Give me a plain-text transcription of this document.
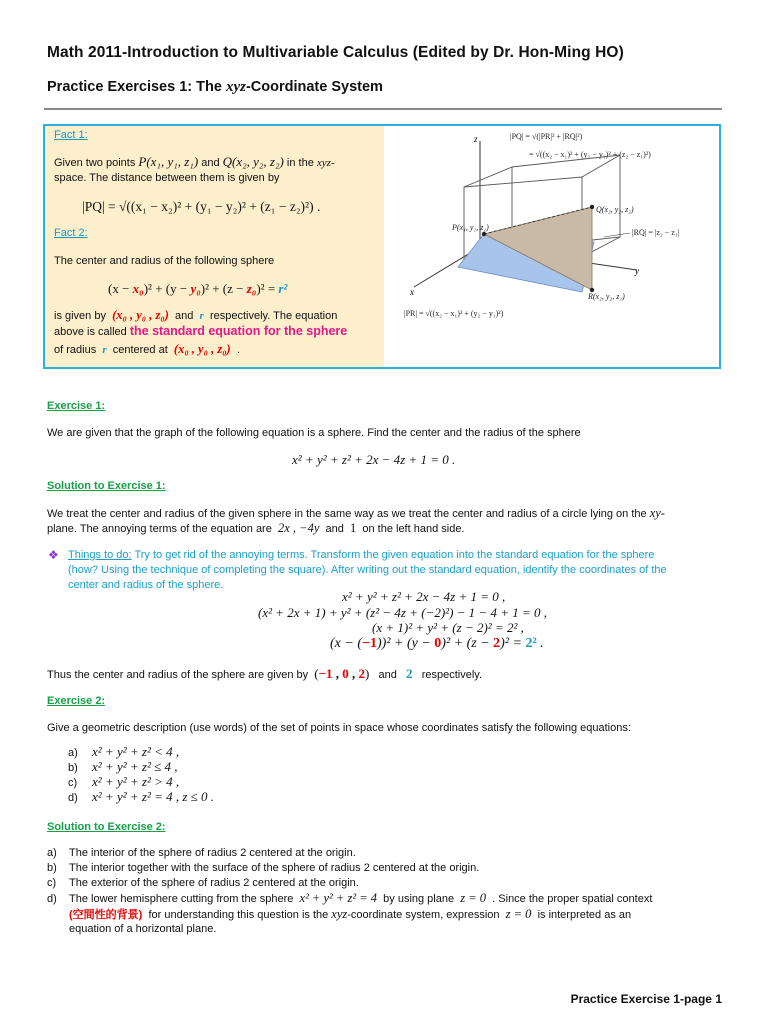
Math 2011-Introduction to Multivariable Calculus (Edited by Dr. Hon-Ming HO)
Practice Exercises 1: The xyz-Coordinate System
Fact 1:
Given two points P(x₁, y₁, z₁) and Q(x₂, y₂, z₂) in the xyz-
space. The distance between them is given by
|PQ| = √((x₁ − x₂)² + (y₁ − y₂)² + (z₁ − z₂)²) .
Fact 2:
The center and radius of the following sphere
(x − x₀)² + (y − y₀)² + (z − z₀)² = r²
is given by (x₀ , y₀ , z₀) and r respectively. The equation
above is called the standard equation for the sphere
of radius r centered at (x₀ , y₀ , z₀) .
|PQ| = √(|PR|² + |RQ|²)
= √((x₂ − x₁)² + (y₂ − y₁)² + (z₂ − z₁)²)
z
y
x
P(x₁, y₁, z₁)
Q(x₂, y₂, z₂)
R(x₂, y₂, z₁)
|RQ| = |z₂ − z₁|
|PR| = √((x₂ − x₁)² + (y₂ − y₁)²)
Exercise 1:
We are given that the graph of the following equation is a sphere. Find the center and the radius of the sphere
x² + y² + z² + 2x − 4z + 1 = 0 .
Solution to Exercise 1:
We treat the center and radius of the given sphere in the same way as we treat the center and radius of a circle lying on the xy-
plane. The annoying terms of the equation are 2x , −4y and 1 on the left hand side.
❖ Things to do: Try to get rid of the annoying terms. Transform the given equation into the standard equation for the sphere
(how? Using the technique of completing the square). After writing out the standard equation, identify the coordinates of the
center and radius of the sphere.
x² + y² + z² + 2x − 4z + 1 = 0 ,
(x² + 2x + 1) + y² + (z² − 4z + (−2)²) − 1 − 4 + 1 = 0 ,
(x + 1)² + y² + (z − 2)² = 2² ,
(x − (−1))² + (y − 0)² + (z − 2)² = 2² .
Thus the center and radius of the sphere are given by (−1 , 0 , 2) and 2 respectively.
Exercise 2:
Give a geometric description (use words) of the set of points in space whose coordinates satisfy the following equations:
a) x² + y² + z² < 4 ,
b) x² + y² + z² ≤ 4 ,
c) x² + y² + z² > 4 ,
d) x² + y² + z² = 4 , z ≤ 0 .
Solution to Exercise 2:
a) The interior of the sphere of radius 2 centered at the origin.
b) The interior together with the surface of the sphere of radius 2 centered at the origin.
c) The exterior of the sphere of radius 2 centered at the origin.
d) The lower hemisphere cutting from the sphere x² + y² + z² = 4 by using plane z = 0 . Since the proper spatial context
(空間性的背景) for understanding this question is the xyz-coordinate system, expression z = 0 is interpreted as an
equation of a horizontal plane.
Practice Exercise 1-page 1
